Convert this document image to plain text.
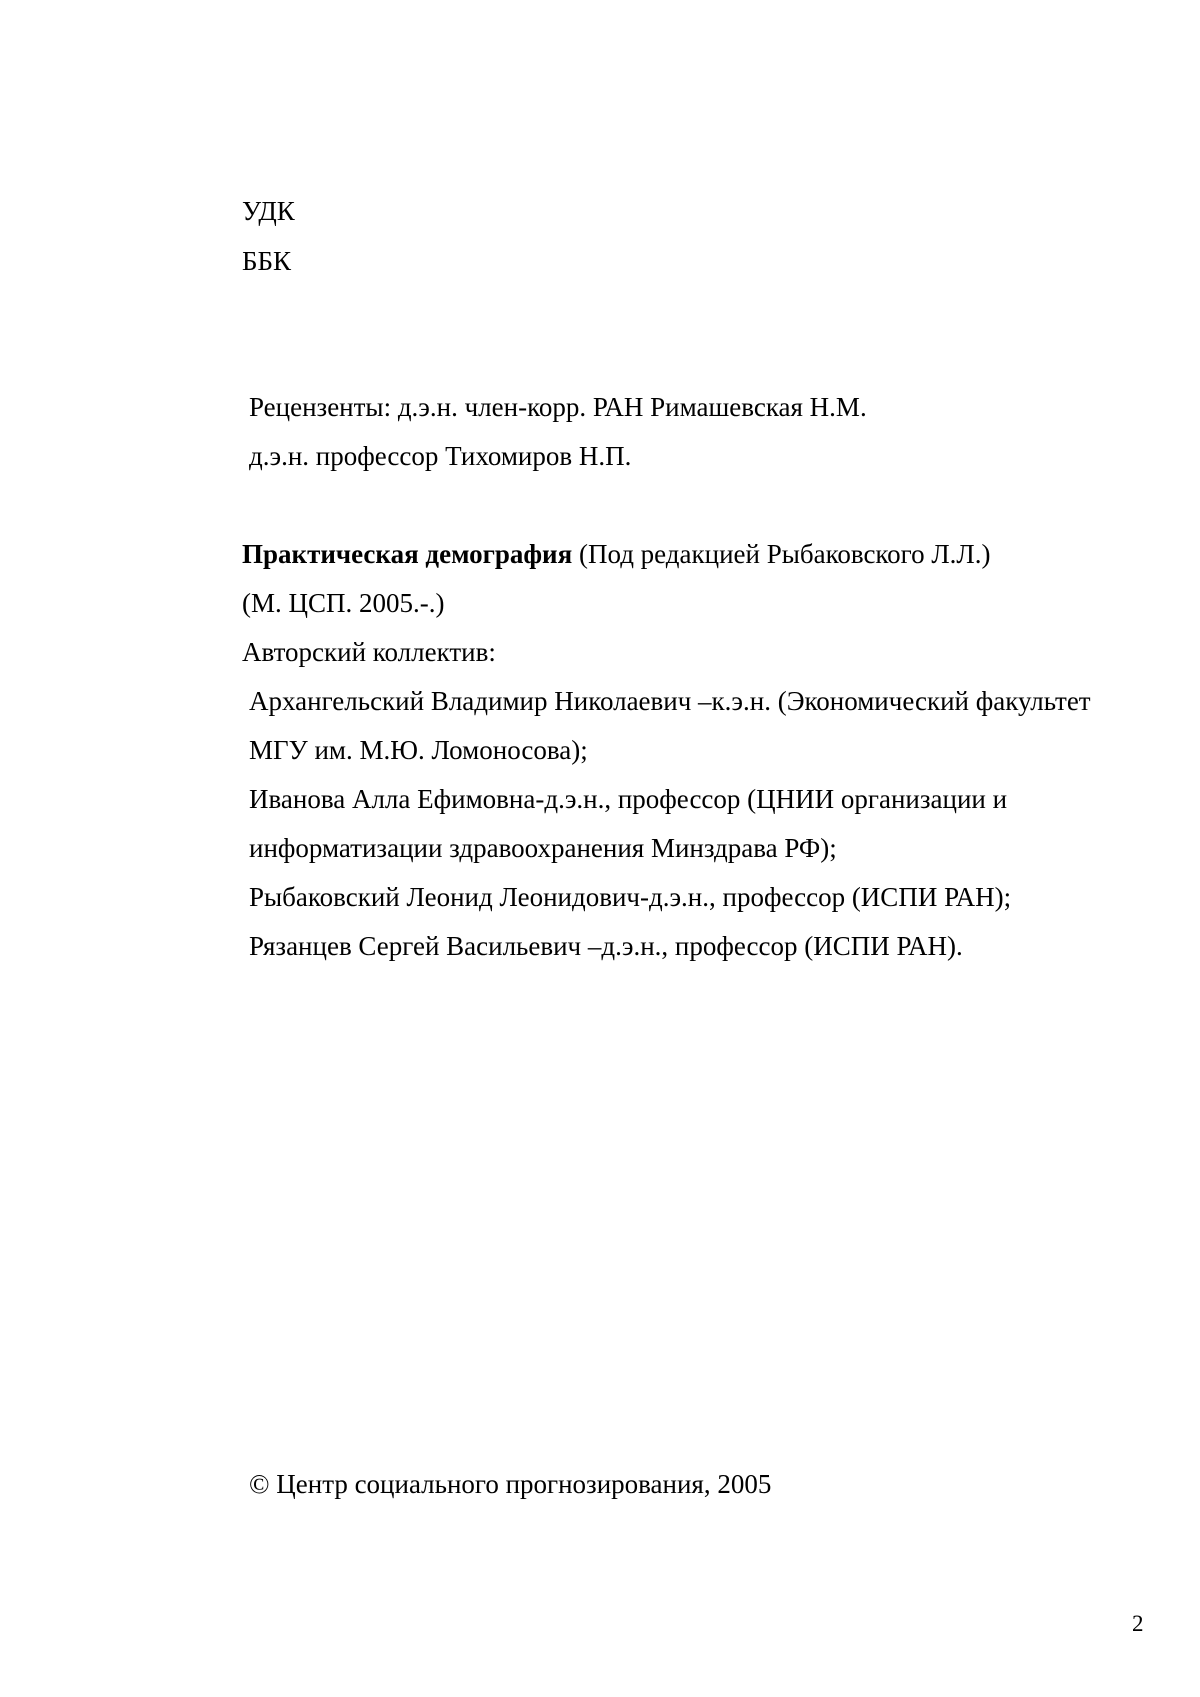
УДК
ББК
Рецензенты: д.э.н. член-корр. РАН Римашевская Н.М.
д.э.н. профессор Тихомиров Н.П.
Практическая демография (Под редакцией Рыбаковского Л.Л.)
(М. ЦСП. 2005.-.)
Авторский коллектив:
Архангельский Владимир Николаевич –к.э.н. (Экономический факультет
МГУ им. М.Ю. Ломоносова);
Иванова Алла Ефимовна-д.э.н., профессор (ЦНИИ организации и
информатизации здравоохранения Минздрава РФ);
Рыбаковский Леонид Леонидович-д.э.н., профессор (ИСПИ РАН);
Рязанцев Сергей Васильевич –д.э.н., профессор (ИСПИ РАН).
© Центр социального прогнозирования, 2005
2
